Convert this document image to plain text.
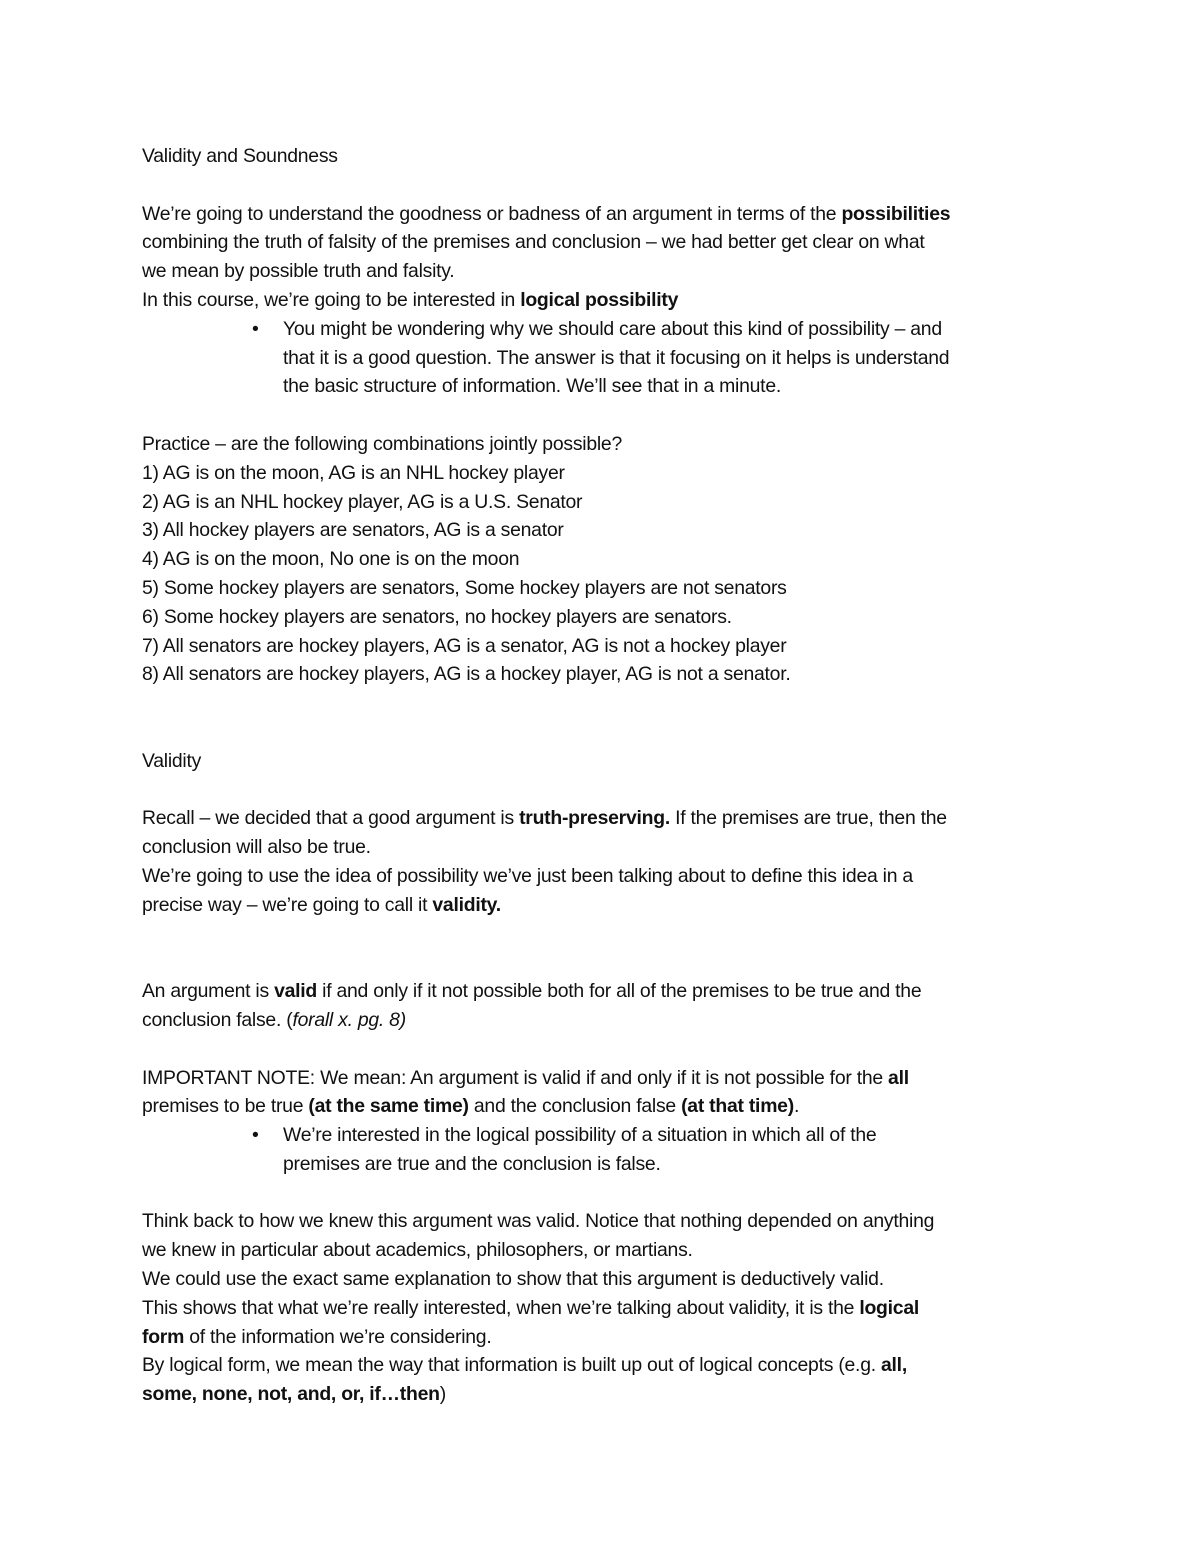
Validity and Soundness
We’re going to understand the goodness or badness of an argument in terms of the possibilities
combining the truth of falsity of the premises and conclusion – we had better get clear on what
we mean by possible truth and falsity.
In this course, we’re going to be interested in logical possibility
• You might be wondering why we should care about this kind of possibility – and
that it is a good question. The answer is that it focusing on it helps is understand
the basic structure of information. We’ll see that in a minute.
Practice – are the following combinations jointly possible?
1) AG is on the moon, AG is an NHL hockey player
2) AG is an NHL hockey player, AG is a U.S. Senator
3) All hockey players are senators, AG is a senator
4) AG is on the moon, No one is on the moon
5) Some hockey players are senators, Some hockey players are not senators
6) Some hockey players are senators, no hockey players are senators.
7) All senators are hockey players, AG is a senator, AG is not a hockey player
8) All senators are hockey players, AG is a hockey player, AG is not a senator.
Validity
Recall – we decided that a good argument is truth-preserving. If the premises are true, then the
conclusion will also be true.
We’re going to use the idea of possibility we’ve just been talking about to define this idea in a
precise way – we’re going to call it validity.
An argument is valid if and only if it not possible both for all of the premises to be true and the
conclusion false. (forall x. pg. 8)
IMPORTANT NOTE: We mean: An argument is valid if and only if it is not possible for the all
premises to be true (at the same time) and the conclusion false (at that time).
• We’re interested in the logical possibility of a situation in which all of the
premises are true and the conclusion is false.
Think back to how we knew this argument was valid. Notice that nothing depended on anything
we knew in particular about academics, philosophers, or martians.
We could use the exact same explanation to show that this argument is deductively valid.
This shows that what we’re really interested, when we’re talking about validity, it is the logical
form of the information we’re considering.
By logical form, we mean the way that information is built up out of logical concepts (e.g. all,
some, none, not, and, or, if…then)
